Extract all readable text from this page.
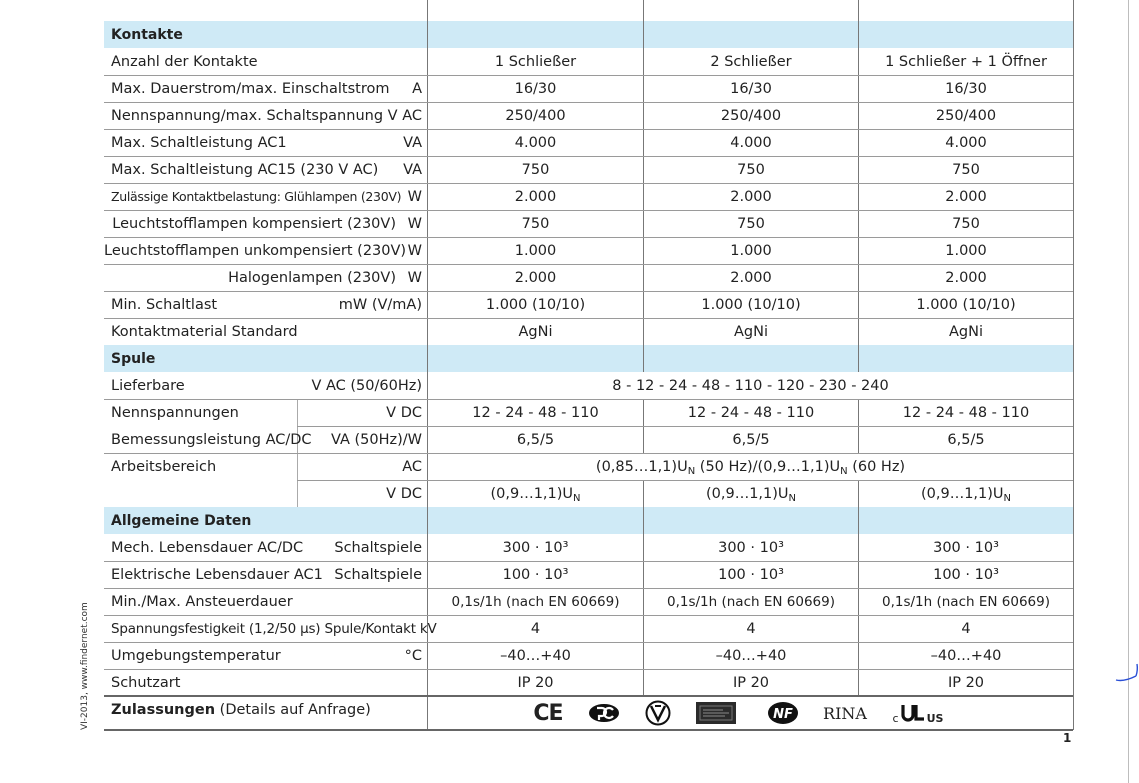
Kontakte
Spule
Allgemeine Daten
Anzahl der Kontakte	1 Schließer	2 Schließer	1 Schließer + 1 Öffner
Max. Dauerstrom/max. Einschaltstrom	A	16/30	16/30	16/30
Nennspannung/max. Schaltspannung V AC	250/400	250/400	250/400
Max. Schaltleistung AC1	VA	4.000	4.000	4.000
Max. Schaltleistung AC15 (230 V AC)	VA	750	750	750
Zulässige Kontaktbelastung: Glühlampen (230V) W	2.000	2.000	2.000
Leuchtstofflampen kompensiert (230V) W	750	750	750
Leuchtstofflampen unkompensiert (230V) W	1.000	1.000	1.000
Halogenlampen (230V) W	2.000	2.000	2.000
Min. Schaltlast	mW (V/mA)	1.000 (10/10)	1.000 (10/10)	1.000 (10/10)
Kontaktmaterial Standard	AgNi	AgNi	AgNi
Lieferbare	V AC (50/60Hz)	8 - 12 - 24 - 48 - 110 - 120 - 230 - 240
Nennspannungen	V DC	12 - 24 - 48 - 110	12 - 24 - 48 - 110	12 - 24 - 48 - 110
Bemessungsleistung AC/DC	VA (50Hz)/W	6,5/5	6,5/5	6,5/5
Arbeitsbereich	AC	$(0,85\dots 1,1)U_N$ (50 $Hz)/(0,9\dots 1,1)U_N$ (60 Hz)
V DC	$(0,9\dots 1,1)U_N$	$(0,9\dots 1,1)U_N$	$(0,9\dots 1,1)U_N$
Mech. Lebensdauer AC/DC	Schaltspiele	300 · 10³	300 · 10³	300 · 10³
Elektrische Lebensdauer AC1 Schaltspiele	100 · 10³	100 · 10³	100 · 10³
Min./Max. Ansteuerdauer	0,1s/1h (nach EN 60669)	0,1s/1h (nach EN 60669)	0,1s/1h (nach EN 60669)
Spannungsfestigkeit (1,2/50 µs) Spule/Kontakt kV	4	4	4
Umgebungstemperatur	°C	–40…+40	–40…+40	–40…+40
Schutzart	IP 20	IP 20	IP 20
Zulassungen (Details auf Anfrage)	CE	NF RINA c	US
VI-2013, www.findernet.com
1
